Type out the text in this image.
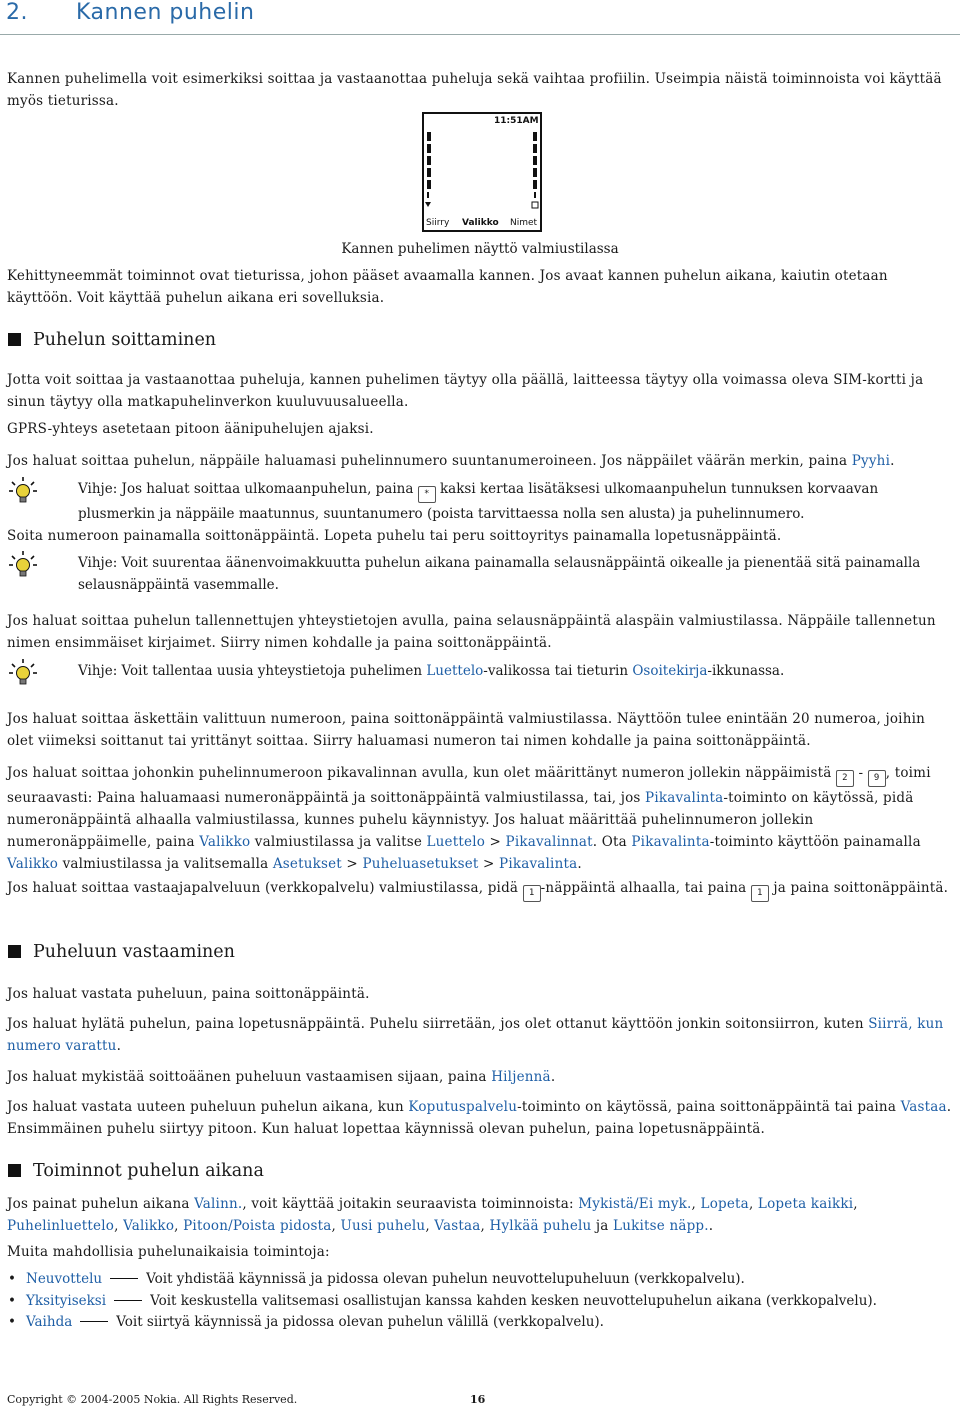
2. Kannen puhelin

Kannen puhelimella voit esimerkiksi soittaa ja vastaanottaa puheluja sekä vaihtaa profiilin. Useimpia näistä toiminnoista voi käyttää myös tieturissa.

11:51AM
Siirry Valikko Nimet

Kannen puhelimen näyttö valmiustilassa

Kehittyneemmät toiminnot ovat tieturissa, johon pääset avaamalla kannen. Jos avaat kannen puhelun aikana, kaiutin otetaan käyttöön. Voit käyttää puhelun aikana eri sovelluksia.

Puhelun soittaminen

Jotta voit soittaa ja vastaanottaa puheluja, kannen puhelimen täytyy olla päällä, laitteessa täytyy olla voimassa oleva SIM-kortti ja sinun täytyy olla matkapuhelinverkon kuuluvuusalueella.

GPRS-yhteys asetetaan pitoon äänipuhelujen ajaksi.

Jos haluat soittaa puhelun, näppäile haluamasi puhelinnumero suuntanumeroineen. Jos näppäilet väärän merkin, paina Pyyhi.

Vihje: Jos haluat soittaa ulkomaanpuhelun, paina * kaksi kertaa lisätäksesi ulkomaanpuhelun tunnuksen korvaavan plusmerkin ja näppäile maatunnus, suuntanumero (poista tarvittaessa nolla sen alusta) ja puhelinnumero.

Soita numeroon painamalla soittonäppäintä. Lopeta puhelu tai peru soittoyritys painamalla lopetusnäppäintä.

Vihje: Voit suurentaa äänenvoimakkuutta puhelun aikana painamalla selausnäppäintä oikealle ja pienentää sitä painamalla selausnäppäintä vasemmalle.

Jos haluat soittaa puhelun tallennettujen yhteystietojen avulla, paina selausnäppäintä alaspäin valmiustilassa. Näppäile tallennetun nimen ensimmäiset kirjaimet. Siirry nimen kohdalle ja paina soittonäppäintä.

Vihje: Voit tallentaa uusia yhteystietoja puhelimen Luettelo-valikossa tai tieturin Osoitekirja-ikkunassa.

Jos haluat soittaa äskettäin valittuun numeroon, paina soittonäppäintä valmiustilassa. Näyttöön tulee enintään 20 numeroa, joihin olet viimeksi soittanut tai yrittänyt soittaa. Siirry haluamasi numeron tai nimen kohdalle ja paina soittonäppäintä.

Jos haluat soittaa johonkin puhelinnumeroon pikavalinnan avulla, kun olet määrittänyt numeron jollekin näppäimistä 2 - 9 , toimi seuraavasti: Paina haluamaasi numeronäppäintä ja soittonäppäintä valmiustilassa, tai, jos Pikavalinta-toiminto on käytössä, pidä numeronäppäintä alhaalla valmiustilassa, kunnes puhelu käynnistyy. Jos haluat määrittää puhelinnumeron jollekin numeronäppäimelle, paina Valikko valmiustilassa ja valitse Luettelo > Pikavalinnat. Ota Pikavalinta-toiminto käyttöön painamalla Valikko valmiustilassa ja valitsemalla Asetukset > Puheluasetukset > Pikavalinta.

Jos haluat soittaa vastaajapalveluun (verkkopalvelu) valmiustilassa, pidä 1 -näppäintä alhaalla, tai paina 1 ja paina soittonäppäintä.

Puheluun vastaaminen

Jos haluat vastata puheluun, paina soittonäppäintä.

Jos haluat hylätä puhelun, paina lopetusnäppäintä. Puhelu siirretään, jos olet ottanut käyttöön jonkin soitonsiirron, kuten Siirrä, kun numero varattu.

Jos haluat mykistää soittoäänen puheluun vastaamisen sijaan, paina Hiljennä.

Jos haluat vastata uuteen puheluun puhelun aikana, kun Koputuspalvelu-toiminto on käytössä, paina soittonäppäintä tai paina Vastaa. Ensimmäinen puhelu siirtyy pitoon. Kun haluat lopettaa käynnissä olevan puhelun, paina lopetusnäppäintä.

Toiminnot puhelun aikana

Jos painat puhelun aikana Valinn., voit käyttää joitakin seuraavista toiminnoista: Mykistä/Ei myk., Lopeta, Lopeta kaikki, Puhelinluettelo, Valikko, Pitoon/Poista pidosta, Uusi puhelu, Vastaa, Hylkää puhelu ja Lukitse näpp..

Muita mahdollisia puhelunaikaisia toimintoja:

• Neuvottelu	Voit yhdistää käynnissä ja pidossa olevan puhelun neuvottelupuheluun (verkkopalvelu).
• Yksityiseksi	Voit keskustella valitsemasi osallistujan kanssa kahden kesken neuvottelupuhelun aikana (verkkopalvelu).
• Vaihda	Voit siirtyä käynnissä ja pidossa olevan puhelun välillä (verkkopalvelu).
Copyright © 2004-2005 Nokia. All Rights Reserved.	16
